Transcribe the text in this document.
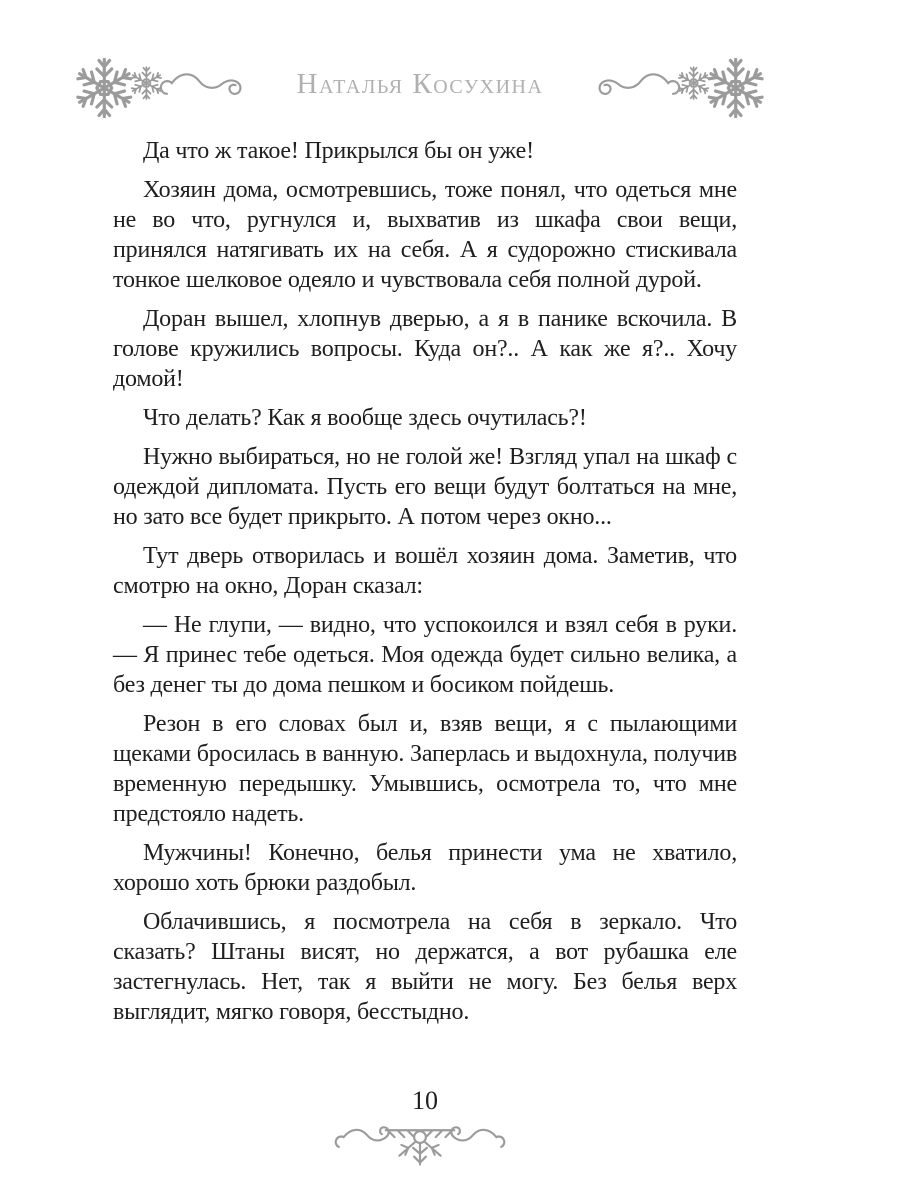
Наталья Косухина

Да что ж такое! Прикрылся бы он уже!

Хозяин дома, осмотревшись, тоже понял, что одеться мне не во что, ругнулся и, выхватив из шкафа свои вещи, принялся натягивать их на себя. А я судорожно стискивала тонкое шелковое одеяло и чувствовала себя полной дурой.

Доран вышел, хлопнув дверью, а я в панике вскочила. В голове кружились вопросы. Куда он?.. А как же я?.. Хочу домой!

Что делать? Как я вообще здесь очутилась?!

Нужно выбираться, но не голой же! Взгляд упал на шкаф с одеждой дипломата. Пусть его вещи будут болтаться на мне, но зато все будет прикрыто. А потом через окно...

Тут дверь отворилась и вошёл хозяин дома. Заметив, что смотрю на окно, Доран сказал:

— Не глупи, — видно, что успокоился и взял себя в руки. — Я принес тебе одеться. Моя одежда будет сильно велика, а без денег ты до дома пешком и босиком пойдешь.

Резон в его словах был и, взяв вещи, я с пылающими щеками бросилась в ванную. Заперлась и выдохнула, получив временную передышку. Умывшись, осмотрела то, что мне предстояло надеть.

Мужчины! Конечно, белья принести ума не хватило, хорошо хоть брюки раздобыл.

Облачившись, я посмотрела на себя в зеркало. Что сказать? Штаны висят, но держатся, а вот рубашка еле застегнулась. Нет, так я выйти не могу. Без белья верх выглядит, мягко говоря, бесстыдно.

10
